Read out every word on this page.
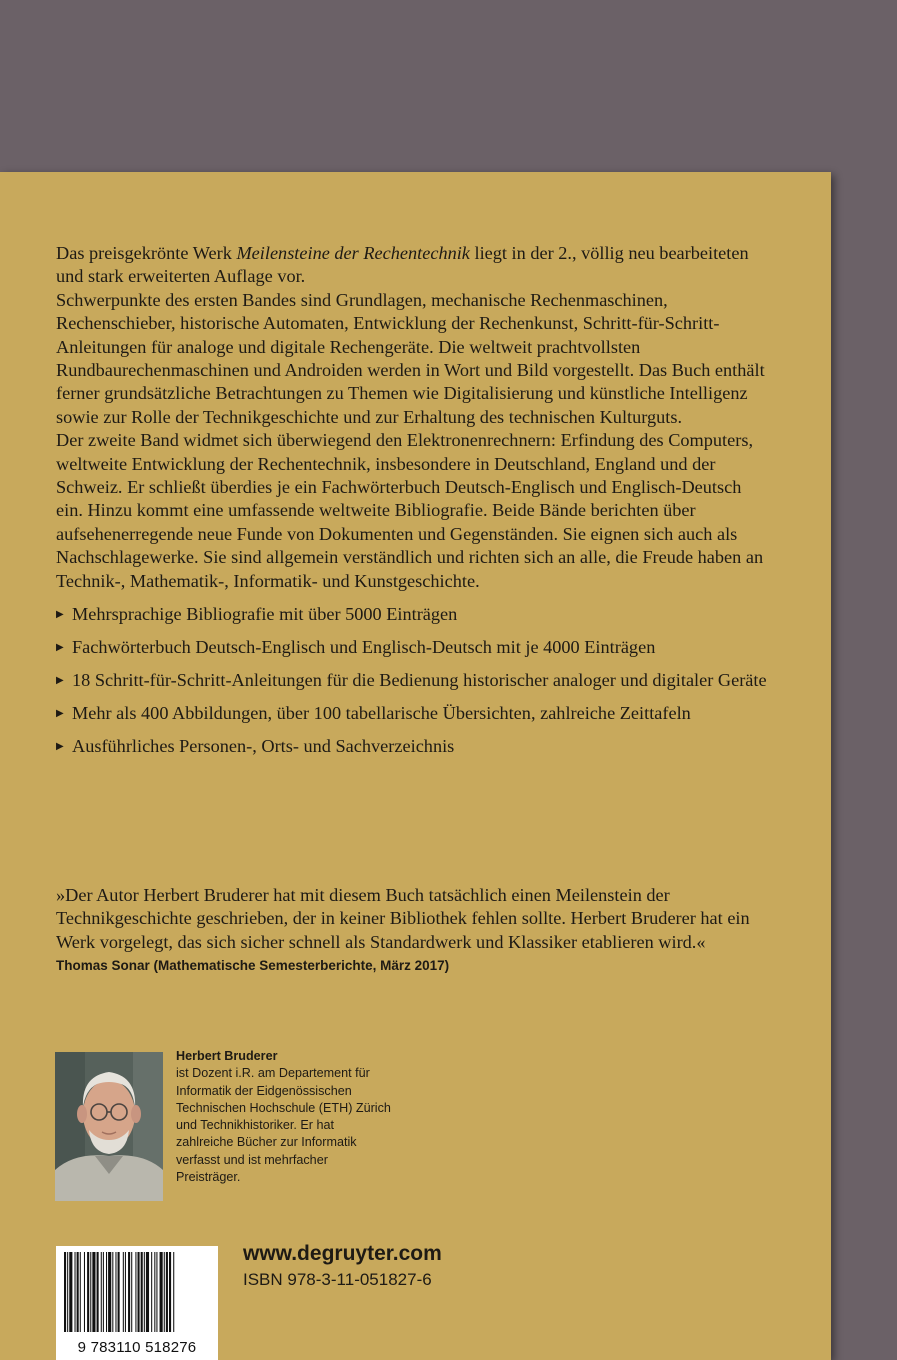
Das preisgekrönte Werk Meilensteine der Rechentechnik liegt in der 2., völlig neu bearbeiteten und stark erweiterten Auflage vor.

Schwerpunkte des ersten Bandes sind Grundlagen, mechanische Rechenmaschinen, Rechenschieber, historische Automaten, Entwicklung der Rechenkunst, Schritt-für-Schritt-Anleitungen für analoge und digitale Rechengeräte. Die weltweit prachtvollsten Rundbaurechenmaschinen und Androiden werden in Wort und Bild vorgestellt. Das Buch enthält ferner grundsätzliche Betrachtungen zu Themen wie Digitalisierung und künstliche Intelligenz sowie zur Rolle der Technikgeschichte und zur Erhaltung des technischen Kulturguts.

Der zweite Band widmet sich überwiegend den Elektronenrechnern: Erfindung des Computers, weltweite Entwicklung der Rechentechnik, insbesondere in Deutschland, England und der Schweiz. Er schließt überdies je ein Fachwörterbuch Deutsch-Englisch und Englisch-Deutsch ein. Hinzu kommt eine umfassende weltweite Bibliografie. Beide Bände berichten über aufsehenerregende neue Funde von Dokumenten und Gegenständen. Sie eignen sich auch als Nachschlagewerke. Sie sind allgemein verständlich und richten sich an alle, die Freude haben an Technik-, Mathematik-, Informatik- und Kunstgeschichte.

▶ Mehrsprachige Bibliografie mit über 5000 Einträgen
▶ Fachwörterbuch Deutsch-Englisch und Englisch-Deutsch mit je 4000 Einträgen
▶ 18 Schritt-für-Schritt-Anleitungen für die Bedienung historischer analoger und digitaler Geräte
▶ Mehr als 400 Abbildungen, über 100 tabellarische Übersichten, zahlreiche Zeittafeln
▶ Ausführliches Personen-, Orts- und Sachverzeichnis

»Der Autor Herbert Bruderer hat mit diesem Buch tatsächlich einen Meilenstein der Technikgeschichte geschrieben, der in keiner Bibliothek fehlen sollte. Herbert Bruderer hat ein Werk vorgelegt, das sich sicher schnell als Standardwerk und Klassiker etablieren wird.«

Thomas Sonar (Mathematische Semesterberichte, März 2017)
Herbert Bruderer
ist Dozent i.R. am Departement für Informatik der Eidgenössischen Technischen Hochschule (ETH) Zürich und Technikhistoriker. Er hat zahlreiche Bücher zur Informatik verfasst und ist mehrfacher Preisträger.
9 783110 518276
www.degruyter.com
ISBN 978-3-11-051827-6
